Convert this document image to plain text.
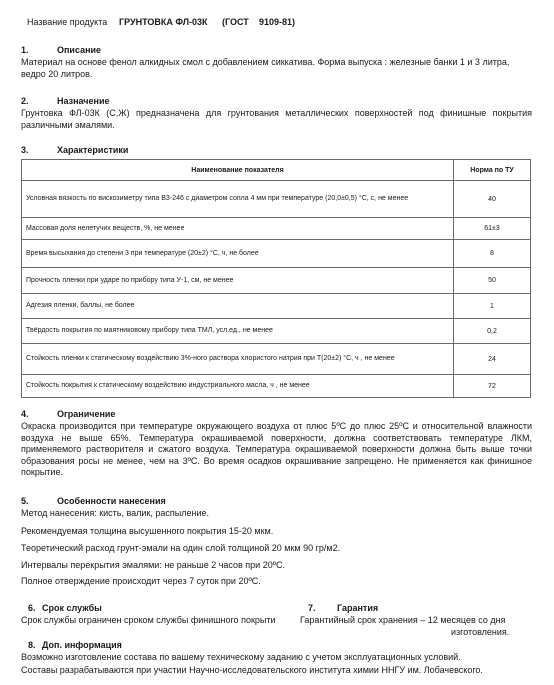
Название продукта ГРУНТОВКА ФЛ-03К (ГОСТ 9109-81)
1.	Описание
Материал на основе фенол алкидных смол с добавлением сиккатива. Форма выпуска : железные банки 1 и 3 литра, ведро 20 литров.
2.	Назначение
Грунтовка ФЛ-03К (С,Ж) предназначена для грунтования металлических поверхностей под финишные покрытия различными эмалями.
3.	Характеристики
Наименование показателя	Норма по ТУ
Условная вязкость по вискозиметру типа ВЗ-246 с диаметром сопла 4 мм при температуре (20,0±0,5) °С, с, не менее	40
Массовая доля нелетучих веществ, %, не менее	61±3
Время высыхания до степени 3 при температуре (20±2) °С, ч, не более	8
Прочность пленки при ударе по прибору типа У-1, см, не менее	50
Адгезия пленки, баллы, не более	1
Твёрдость покрытия по маятниковому прибору типа ТМЛ, усл.ед., не менее	0,2
Стойкость пленки к статическому воздействию 3%-ного раствора хлористого натрия при Т(20±2) °С, ч , не менее	24
Стойкость покрытия к статическому воздействию индустриального масла, ч , не менее	72
4.	Ограничение
Окраска производится при температуре окружающего воздуха от плюс 5ºС до плюс 25ºС и относительной влажности воздуха не выше 65%. Температура окрашиваемой поверхности, должна соответствовать температуре ЛКМ, применяемого растворителя и сжатого воздуха. Температура окрашиваемой поверхности должна быть выше точки образования росы не менее, чем на 3ºС. Во время осадков окрашивание запрещено. Не применяется как финишное покрытие.
5.	Особенности нанесения
Метод нанесения: кисть, валик, распыление.
Рекомендуемая толщина высушенного покрытия 15-20 мкм.
Теоретический расход грунт-эмали на один слой толщиной 20 мкм 90 гр/м2.
Интервалы перекрытия эмалями: не раньше 2 часов при 20ºС.
Полное отверждение происходит через 7 суток при 20ºС.
6. Срок службы
Срок службы ограничен сроком службы финишного покрыти
7. Гарантия
Гарантийный срок хранения – 12 месяцев со дня
изготовления.
8. Доп. информация
Возможно изготовление состава по вашему техническому заданию с учетом эксплуатационных условий.
Составы разрабатываются при участии Научно-исследовательского института химии ННГУ им. Лобачевского.
